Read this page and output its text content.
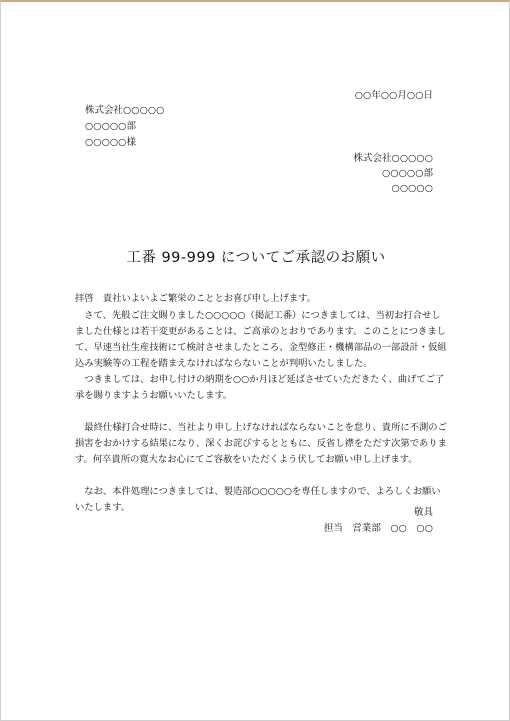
○○年○○月○○日
株式会社○○○○○
○○○○○部
○○○○○様
株式会社○○○○○
○○○○○部
○○○○○
工番 99-999 についてご承認のお願い
拝啓　貴社いよいよご繁栄のこととお喜び申し上げます。
　さて、先般ご注文賜りました○○○○○（掲記工番）につきましては、当初お打合せし
ました仕様とは若干変更があることは、ご高承のとおりであります。このことにつきまし
て、早速当社生産技術にて検討させましたところ、金型修正・機構部品の一部設計・仮組
込み実験等の工程を踏まえなければならないことが判明いたしました。
　つきましては、お申し付けの納期を○○か月ほど延ばさせていただきたく、曲げてご了
承を賜りますようお願いいたします。
　最終仕様打合せ時に、当社より申し上げなければならないことを怠り、貴所に不測のご
損害をおかけする結果になり、深くお詫びするとともに、反省し襟をただす次第でありま
す。何卒貴所の寛大なお心にてご容赦をいただくよう伏してお願い申し上げます。
　なお、本件処理につきましては、製造部○○○○○を専任しますので、よろしくお願い
いたします。	敬具
担当　営業部　○○　○○
